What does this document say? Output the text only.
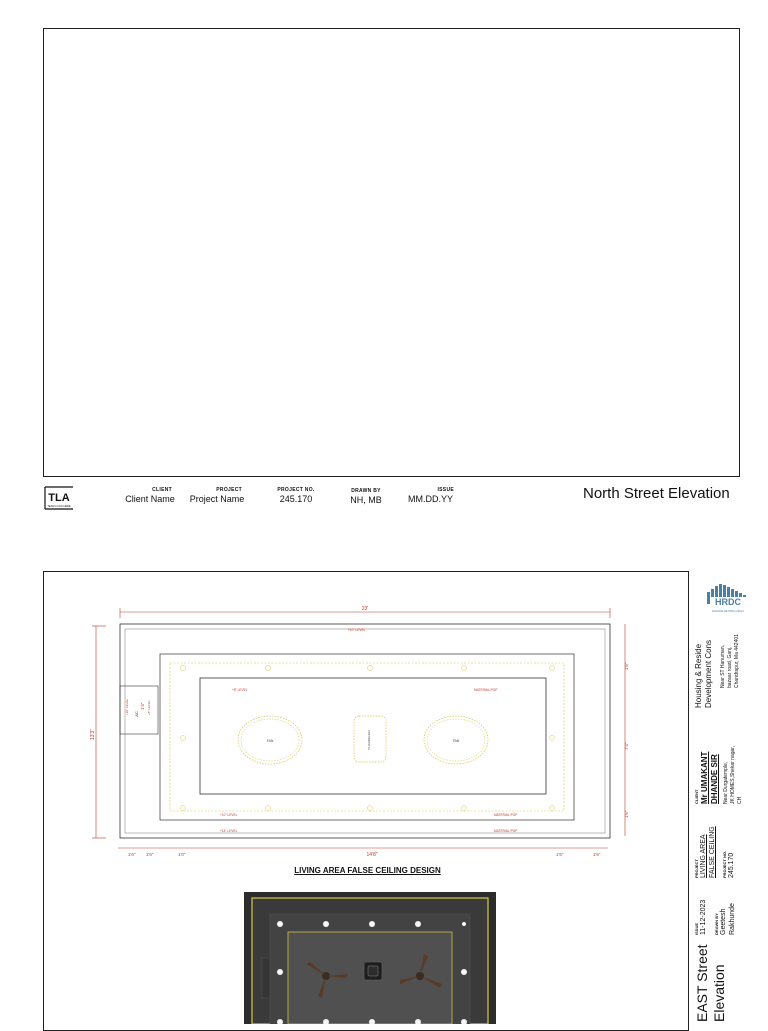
TLA
TEAM LOGO HERE
CLIENT
Client Name
PROJECT
Project Name
PROJECT NO.
245.170
DRAWN BY
NH, MB
ISSUE
MM.DD.YY	North Street Elevation
23'
13'3"
1'4"
1'6"
7'4"
1'6"
14'8"
1'6" 1'6"	1'0"	1'6"	1'6"
AC
+10" LEVEL	+8" LEVEL
+10" LEVEL
+8" LEVEL	MATERIAL:POP
+10" LEVEL	MATERIAL:POP
+14" LEVEL	MATERIAL:POP
FAN	FAN
CHANDELIER
LIVING AREA FALSE CEILING DESIGN
HRDC
BUILDING BETTER LIVINGS
Housing & Reside Development Cons Near ST Hanuman, bazaar road, Ganj, Chandrapur, Ma 442401
CLIENT Mr UMAKANT DHANDE SIR Near Durgatemple, JK HOMES,Shekar nagar, CH
PROJECT LIVING AREA FALSE CEILING PROJECT NO. 245.170
ISSUE 11-12-2023 DRAWN BY Geetesh Rakhunde
EAST Street Elevation
